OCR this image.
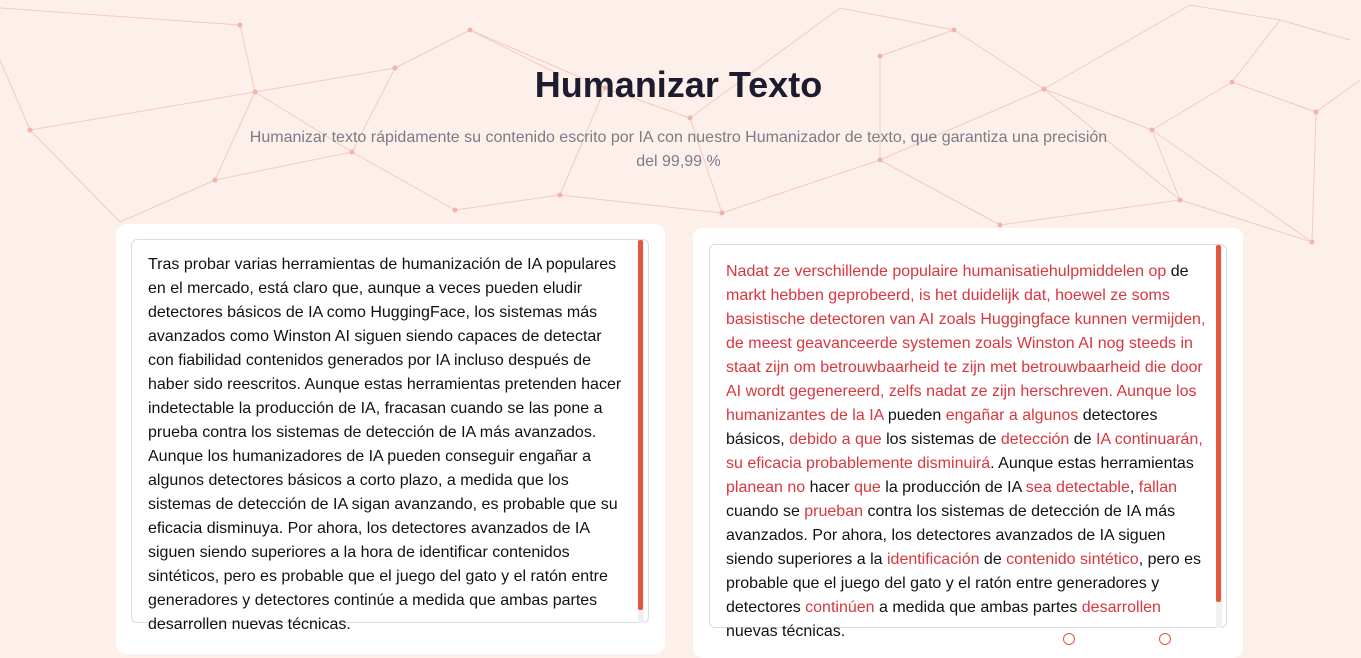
Humanizar Texto

Humanizar texto rápidamente su contenido escrito por IA con nuestro Humanizador de texto, que garantiza una precisión del 99,99 %

Tras probar varias herramientas de humanización de IA populares en el mercado, está claro que, aunque a veces pueden eludir detectores básicos de IA como HuggingFace, los sistemas más avanzados como Winston AI siguen siendo capaces de detectar con fiabilidad contenidos generados por IA incluso después de haber sido reescritos. Aunque estas herramientas pretenden hacer indetectable la producción de IA, fracasan cuando se las pone a prueba contra los sistemas de detección de IA más avanzados. Aunque los humanizadores de IA pueden conseguir engañar a algunos detectores básicos a corto plazo, a medida que los sistemas de detección de IA sigan avanzando, es probable que su eficacia disminuya. Por ahora, los detectores avanzados de IA siguen siendo superiores a la hora de identificar contenidos sintéticos, pero es probable que el juego del gato y el ratón entre generadores y detectores continúe a medida que ambas partes desarrollen nuevas técnicas.
Nadat ze verschillende populaire humanisatiehulpmiddelen op de markt hebben geprobeerd, is het duidelijk dat, hoewel ze soms basistische detectoren van AI zoals Huggingface kunnen vermijden, de meest geavanceerde systemen zoals Winston AI nog steeds in staat zijn om betrouwbaarheid te zijn met betrouwbaarheid die door AI wordt gegenereerd, zelfs nadat ze zijn herschreven. Aunque los humanizantes de la IA pueden engañar a algunos detectores básicos, debido a que los sistemas de detección de IA continuarán, su eficacia probablemente disminuirá. Aunque estas herramientas planean no hacer que la producción de IA sea detectable, fallan cuando se prueban contra los sistemas de detección de IA más avanzados. Por ahora, los detectores avanzados de IA siguen siendo superiores a la identificación de contenido sintético, pero es probable que el juego del gato y el ratón entre generadores y detectores continúen a medida que ambas partes desarrollen nuevas técnicas.
